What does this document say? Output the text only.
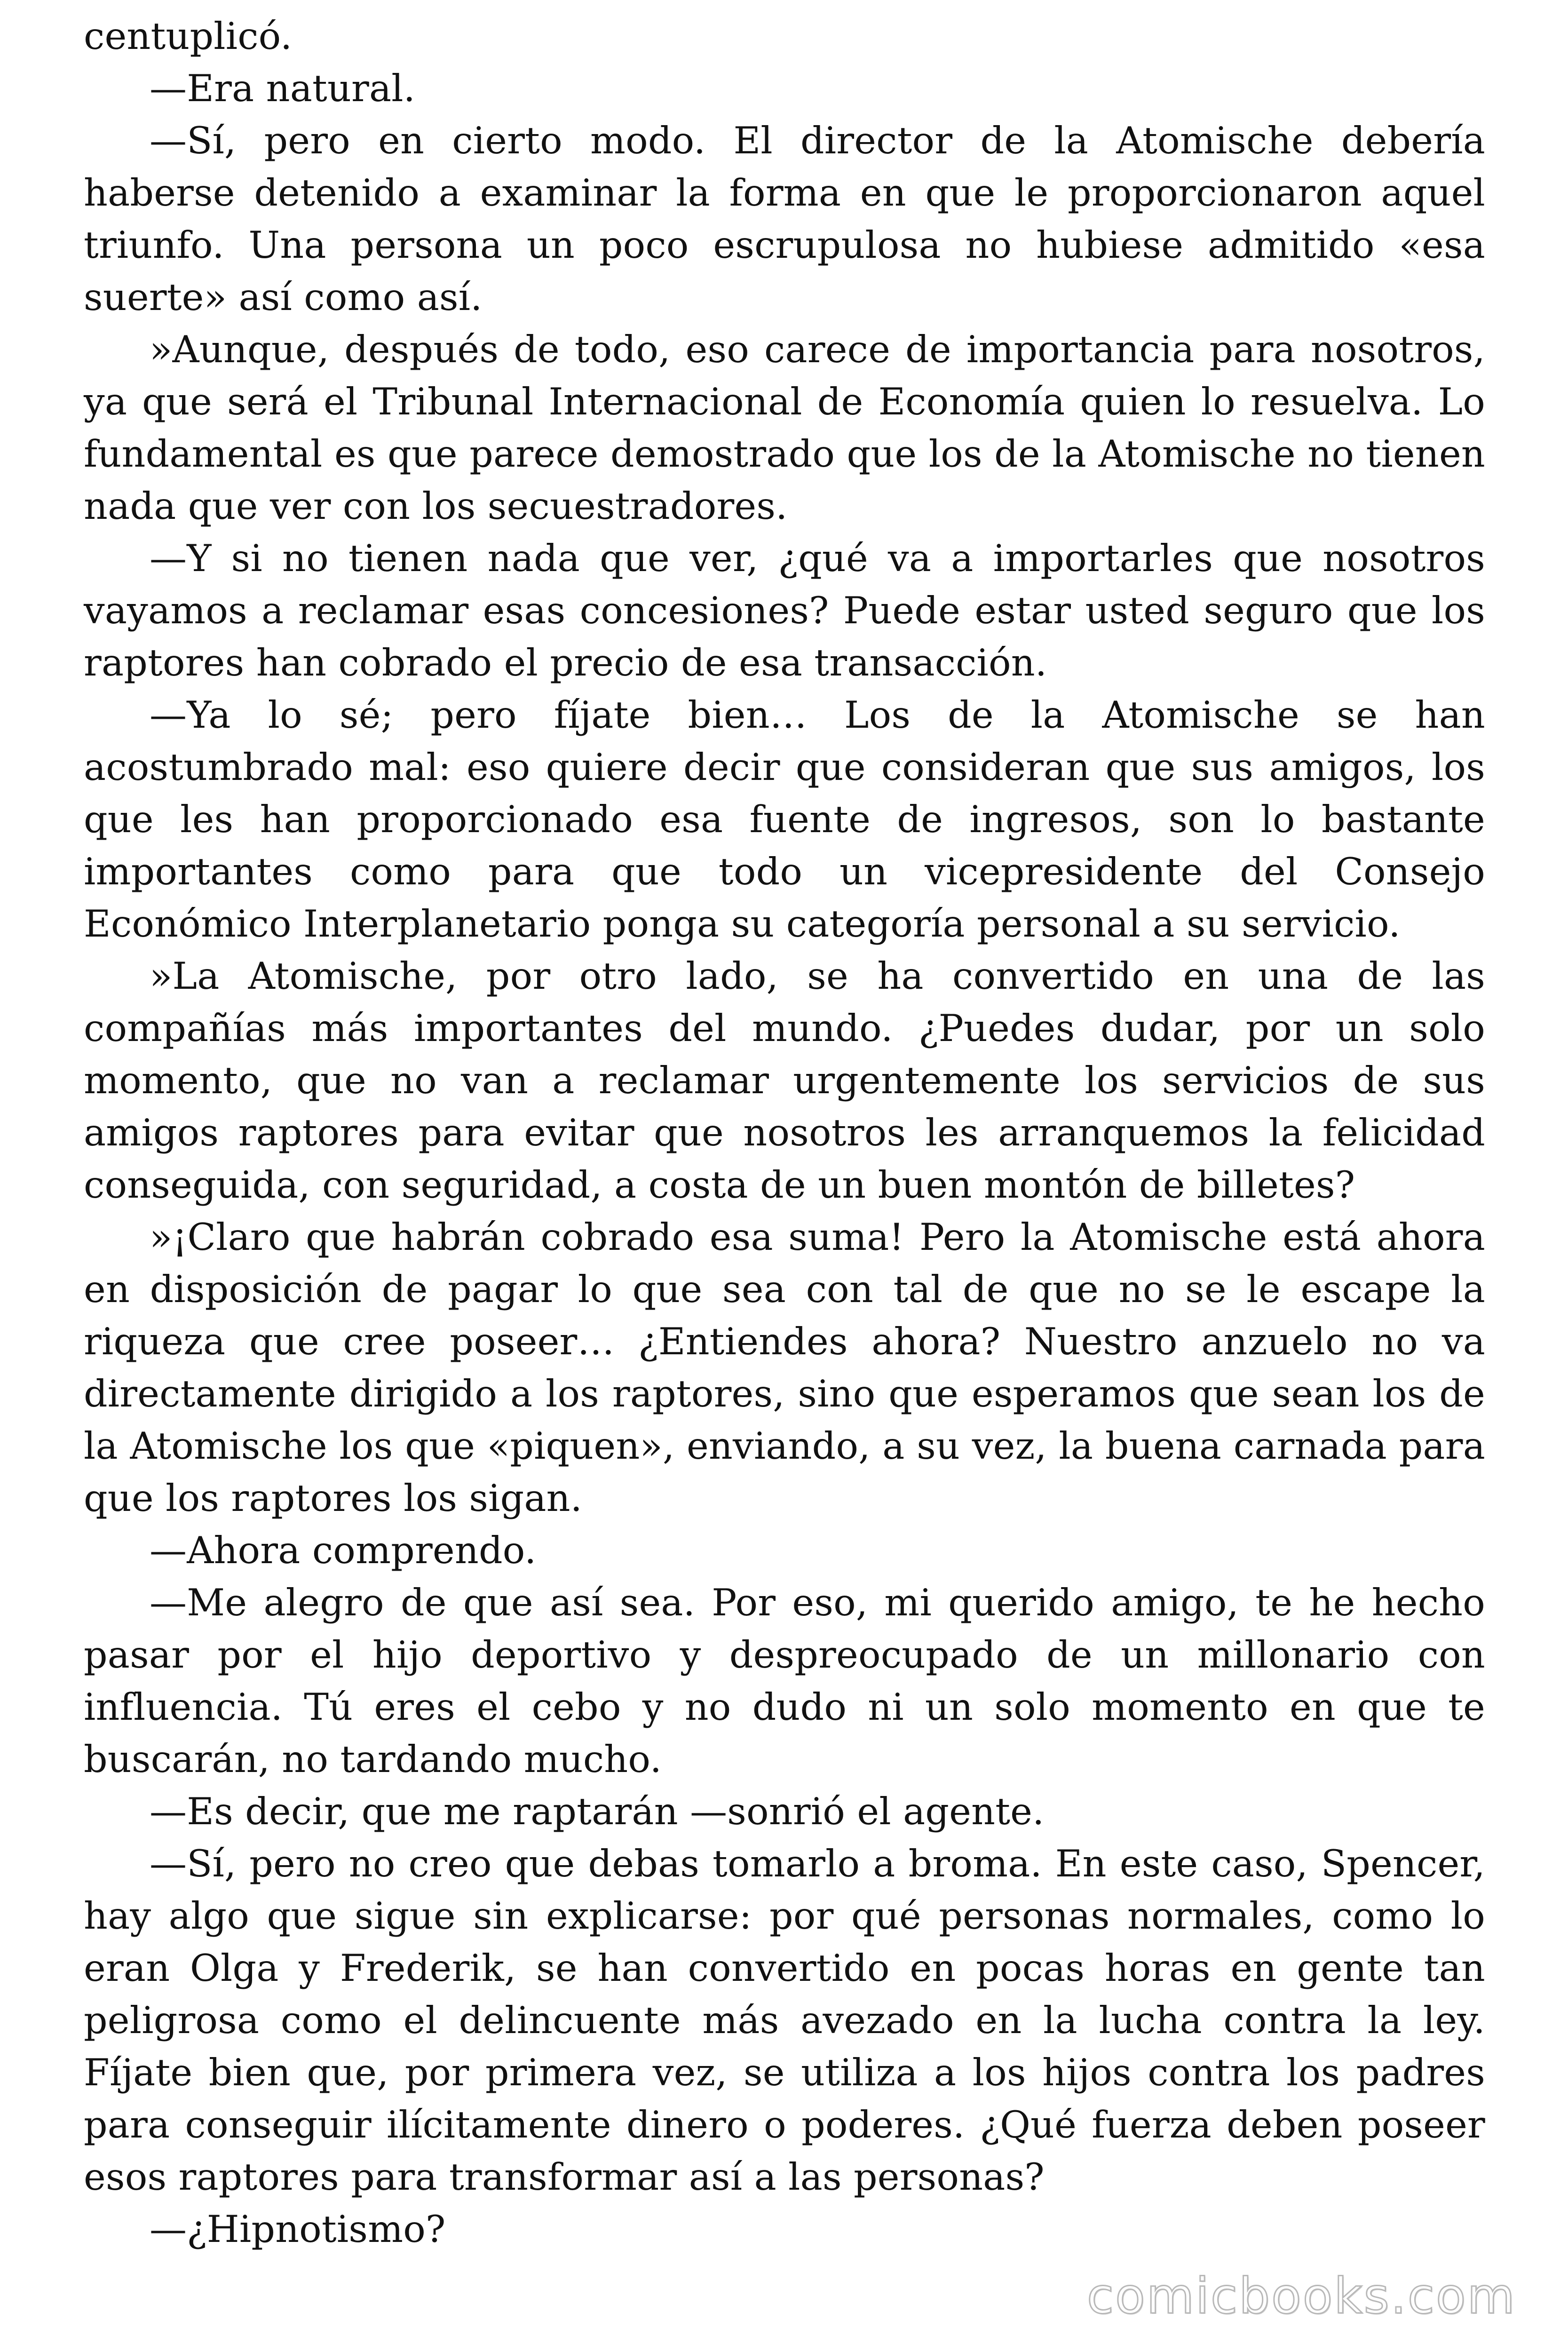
centuplicó.

—Era natural.

—Sí, pero en cierto modo. El director de la Atomische debería haberse detenido a examinar la forma en que le proporcionaron aquel triunfo. Una persona un poco escrupulosa no hubiese admitido «esa suerte» así como así.

»Aunque, después de todo, eso carece de importancia para nosotros, ya que será el Tribunal Internacional de Economía quien lo resuelva. Lo fundamental es que parece demostrado que los de la Atomische no tienen nada que ver con los secuestradores.

—Y si no tienen nada que ver, ¿qué va a importarles que nosotros vayamos a reclamar esas concesiones? Puede estar usted seguro que los raptores han cobrado el precio de esa transacción.

—Ya lo sé; pero fíjate bien… Los de la Atomische se han acostumbrado mal: eso quiere decir que consideran que sus amigos, los que les han proporcionado esa fuente de ingresos, son lo bastante importantes como para que todo un vicepresidente del Consejo Económico Interplanetario ponga su categoría personal a su servicio.

»La Atomische, por otro lado, se ha convertido en una de las compañías más importantes del mundo. ¿Puedes dudar, por un solo momento, que no van a reclamar urgentemente los servicios de sus amigos raptores para evitar que nosotros les arranquemos la felicidad conseguida, con seguridad, a costa de un buen montón de billetes?

»¡Claro que habrán cobrado esa suma! Pero la Atomische está ahora en disposición de pagar lo que sea con tal de que no se le escape la riqueza que cree poseer… ¿Entiendes ahora? Nuestro anzuelo no va directamente dirigido a los raptores, sino que esperamos que sean los de la Atomische los que «piquen», enviando, a su vez, la buena carnada para que los raptores los sigan.

—Ahora comprendo.

—Me alegro de que así sea. Por eso, mi querido amigo, te he hecho pasar por el hijo deportivo y despreocupado de un millonario con influencia. Tú eres el cebo y no dudo ni un solo momento en que te buscarán, no tardando mucho.

—Es decir, que me raptarán —sonrió el agente.

—Sí, pero no creo que debas tomarlo a broma. En este caso, Spencer, hay algo que sigue sin explicarse: por qué personas normales, como lo eran Olga y Frederik, se han convertido en pocas horas en gente tan peligrosa como el delincuente más avezado en la lucha contra la ley. Fíjate bien que, por primera vez, se utiliza a los hijos contra los padres para conseguir ilícitamente dinero o poderes. ¿Qué fuerza deben poseer esos raptores para transformar así a las personas?

—¿Hipnotismo?

comicbooks.com
